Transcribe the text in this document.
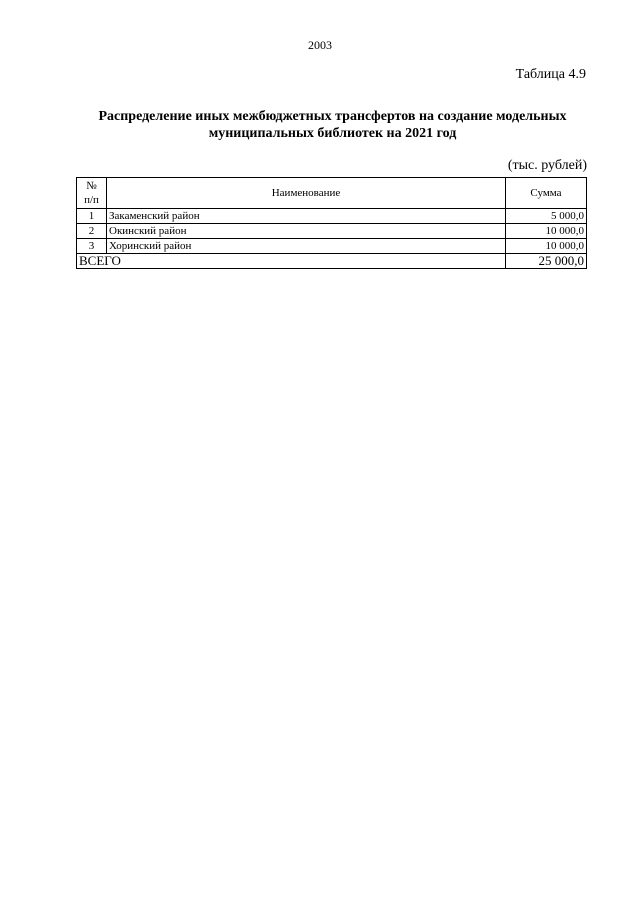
2003
Таблица 4.9
Распределение иных межбюджетных трансфертов на создание модельных
муниципальных библиотек на 2021 год
(тыс. рублей)
№
п/п	Наименование	Сумма
1	Закаменский район	5 000,0
2	Окинский район	10 000,0
3	Хоринский район	10 000,0
ВСЕГО		25 000,0
